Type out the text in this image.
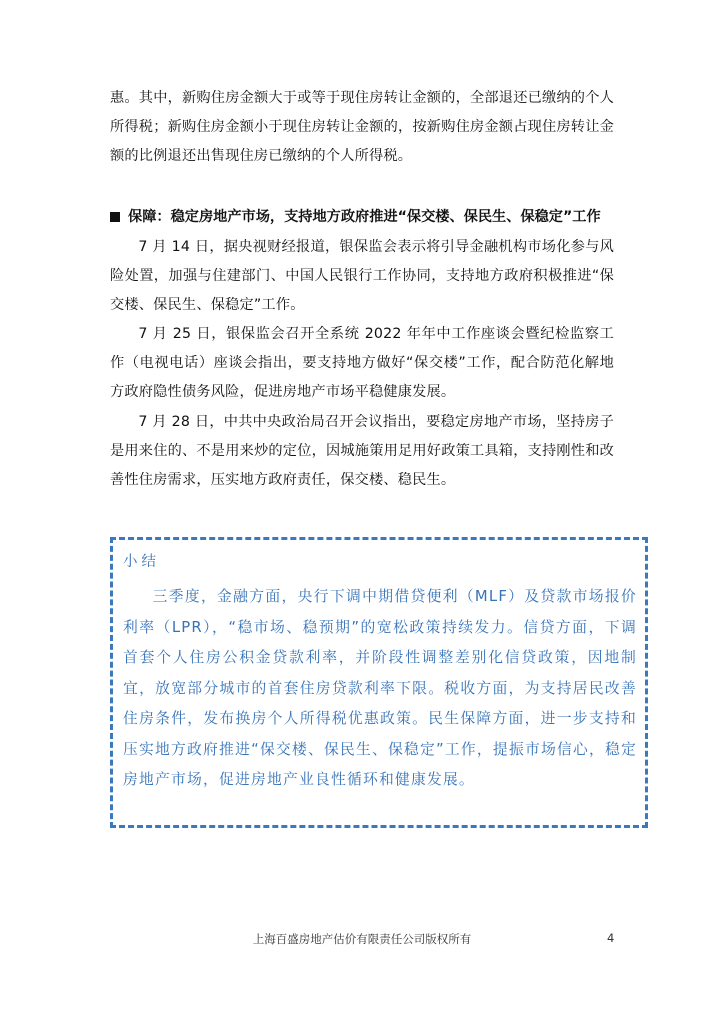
惠。其中，新购住房金额大于或等于现住房转让金额的，全部退还已缴纳的个人所得税；新购住房金额小于现住房转让金额的，按新购住房金额占现住房转让金额的比例退还出售现住房已缴纳的个人所得税。

保障：稳定房地产市场，支持地方政府推进“保交楼、保民生、保稳定”工作

7 月 14 日，据央视财经报道，银保监会表示将引导金融机构市场化参与风险处置，加强与住建部门、中国人民银行工作协同，支持地方政府积极推进“保交楼、保民生、保稳定”工作。

7 月 25 日，银保监会召开全系统 2022 年年中工作座谈会暨纪检监察工作（电视电话）座谈会指出，要支持地方做好“保交楼”工作，配合防范化解地方政府隐性债务风险，促进房地产市场平稳健康发展。

7 月 28 日，中共中央政治局召开会议指出，要稳定房地产市场，坚持房子是用来住的、不是用来炒的定位，因城施策用足用好政策工具箱，支持刚性和改善性住房需求，压实地方政府责任，保交楼、稳民生。

小结

三季度，金融方面，央行下调中期借贷便利（MLF）及贷款市场报价利率（LPR），“稳市场、稳预期”的宽松政策持续发力。信贷方面，下调首套个人住房公积金贷款利率，并阶段性调整差别化信贷政策，因地制宜，放宽部分城市的首套住房贷款利率下限。税收方面，为支持居民改善住房条件，发布换房个人所得税优惠政策。民生保障方面，进一步支持和压实地方政府推进“保交楼、保民生、保稳定”工作，提振市场信心，稳定房地产市场，促进房地产业良性循环和健康发展。

上海百盛房地产估价有限责任公司版权所有	4
